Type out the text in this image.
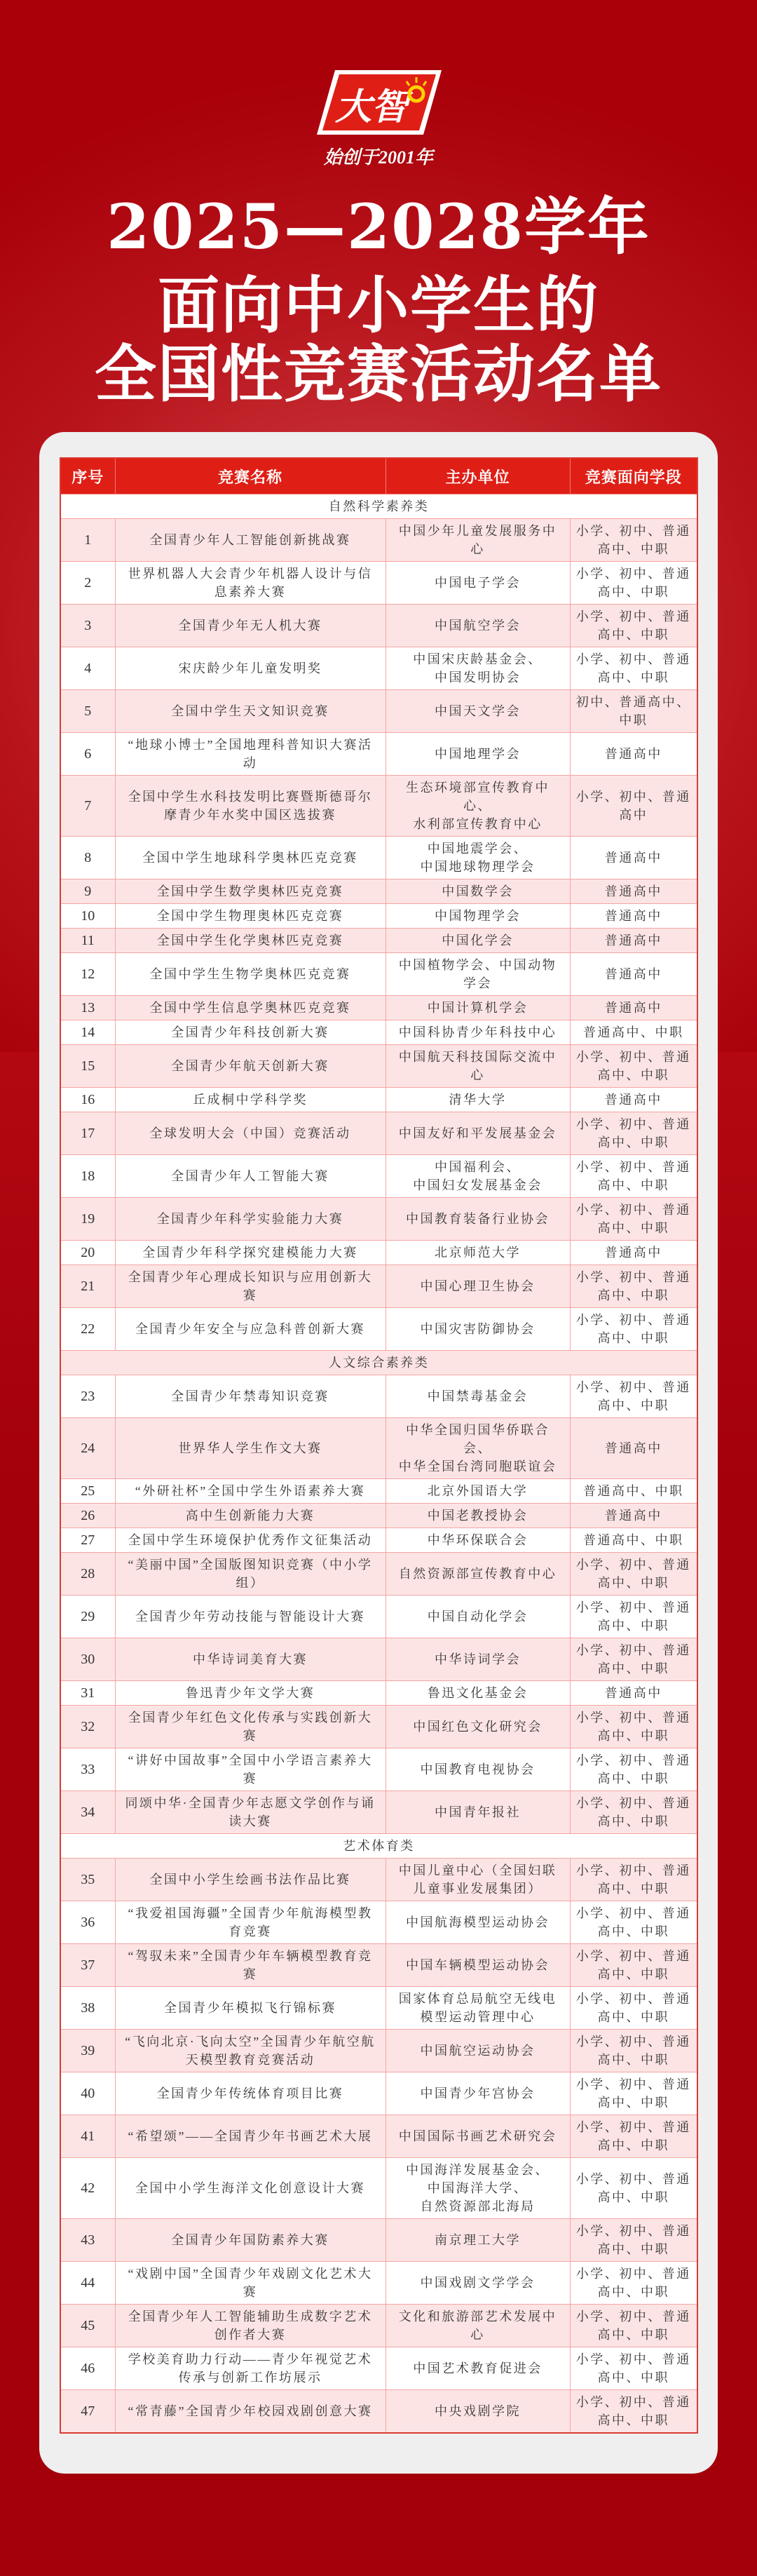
大智
始创于2001年
2025—2028学年
面向中小学生的
全国性竞赛活动名单
序号	竞赛名称	主办单位	竞赛面向学段
自然科学素养类			
1	全国青少年人工智能创新挑战赛	中国少年儿童发展服务中心	小学、初中、普通高中、中职
2	世界机器人大会青少年机器人设计与信息素养大赛	中国电子学会	小学、初中、普通高中、中职
3	全国青少年无人机大赛	中国航空学会	小学、初中、普通高中、中职
4	宋庆龄少年儿童发明奖	中国宋庆龄基金会、
中国发明协会	小学、初中、普通高中、中职
5	全国中学生天文知识竞赛	中国天文学会	初中、普通高中、中职
6	“地球小博士”全国地理科普知识大赛活动	中国地理学会	普通高中
7	全国中学生水科技发明比赛暨斯德哥尔摩青少年水奖中国区选拔赛	生态环境部宣传教育中心、
水利部宣传教育中心	小学、初中、普通高中
8	全国中学生地球科学奥林匹克竞赛	中国地震学会、
中国地球物理学会	普通高中
9	全国中学生数学奥林匹克竞赛	中国数学会	普通高中
10	全国中学生物理奥林匹克竞赛	中国物理学会	普通高中
11	全国中学生化学奥林匹克竞赛	中国化学会	普通高中
12	全国中学生生物学奥林匹克竞赛	中国植物学会、中国动物学会	普通高中
13	全国中学生信息学奥林匹克竞赛	中国计算机学会	普通高中
14	全国青少年科技创新大赛	中国科协青少年科技中心	普通高中、中职
15	全国青少年航天创新大赛	中国航天科技国际交流中心	小学、初中、普通高中、中职
16	丘成桐中学科学奖	清华大学	普通高中
17	全球发明大会（中国）竞赛活动	中国友好和平发展基金会	小学、初中、普通高中、中职
18	全国青少年人工智能大赛	中国福利会、
中国妇女发展基金会	小学、初中、普通高中、中职
19	全国青少年科学实验能力大赛	中国教育装备行业协会	小学、初中、普通高中、中职
20	全国青少年科学探究建模能力大赛	北京师范大学	普通高中
21	全国青少年心理成长知识与应用创新大赛	中国心理卫生协会	小学、初中、普通高中、中职
22	全国青少年安全与应急科普创新大赛	中国灾害防御协会	小学、初中、普通高中、中职
人文综合素养类			
23	全国青少年禁毒知识竞赛	中国禁毒基金会	小学、初中、普通高中、中职
24	世界华人学生作文大赛	中华全国归国华侨联合会、
中华全国台湾同胞联谊会	普通高中
25	“外研社杯”全国中学生外语素养大赛	北京外国语大学	普通高中、中职
26	高中生创新能力大赛	中国老教授协会	普通高中
27	全国中学生环境保护优秀作文征集活动	中华环保联合会	普通高中、中职
28	“美丽中国”全国版图知识竞赛（中小学组）	自然资源部宣传教育中心	小学、初中、普通高中、中职
29	全国青少年劳动技能与智能设计大赛	中国自动化学会	小学、初中、普通高中、中职
30	中华诗词美育大赛	中华诗词学会	小学、初中、普通高中、中职
31	鲁迅青少年文学大赛	鲁迅文化基金会	普通高中
32	全国青少年红色文化传承与实践创新大赛	中国红色文化研究会	小学、初中、普通高中、中职
33	“讲好中国故事”全国中小学语言素养大赛	中国教育电视协会	小学、初中、普通高中、中职
34	同颂中华·全国青少年志愿文学创作与诵读大赛	中国青年报社	小学、初中、普通高中、中职
艺术体育类			
35	全国中小学生绘画书法作品比赛	中国儿童中心（全国妇联儿童事业发展集团）	小学、初中、普通高中、中职
36	“我爱祖国海疆”全国青少年航海模型教育竞赛	中国航海模型运动协会	小学、初中、普通高中、中职
37	“驾驭未来”全国青少年车辆模型教育竞赛	中国车辆模型运动协会	小学、初中、普通高中、中职
38	全国青少年模拟飞行锦标赛	国家体育总局航空无线电模型运动管理中心	小学、初中、普通高中、中职
39	“飞向北京·飞向太空”全国青少年航空航天模型教育竞赛活动	中国航空运动协会	小学、初中、普通高中、中职
40	全国青少年传统体育项目比赛	中国青少年宫协会	小学、初中、普通高中、中职
41	“希望颂”——全国青少年书画艺术大展	中国国际书画艺术研究会	小学、初中、普通高中、中职
42	全国中小学生海洋文化创意设计大赛	中国海洋发展基金会、
中国海洋大学、
自然资源部北海局	小学、初中、普通高中、中职
43	全国青少年国防素养大赛	南京理工大学	小学、初中、普通高中、中职
44	“戏剧中国”全国青少年戏剧文化艺术大赛	中国戏剧文学学会	小学、初中、普通高中、中职
45	全国青少年人工智能辅助生成数字艺术创作者大赛	文化和旅游部艺术发展中心	小学、初中、普通高中、中职
46	学校美育助力行动——青少年视觉艺术传承与创新工作坊展示	中国艺术教育促进会	小学、初中、普通高中、中职
47	“常青藤”全国青少年校园戏剧创意大赛	中央戏剧学院	小学、初中、普通高中、中职
